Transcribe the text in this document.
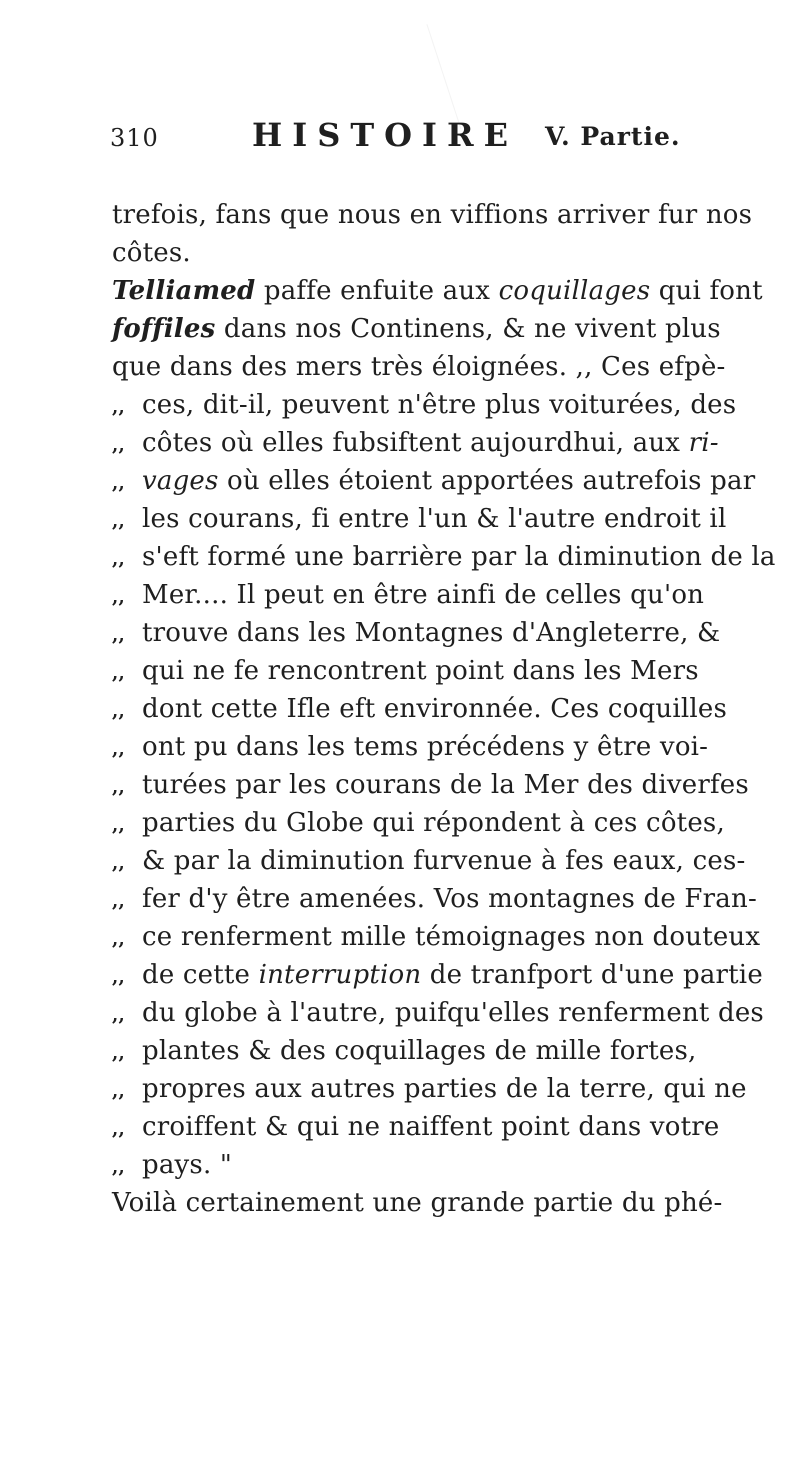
310	HISTOIRE V. Partie.
trefois, fans que nous en viffions arriver fur nos
côtes.
Telliamed paffe enfuite aux coquillages qui font
foffiles dans nos Continens, & ne vivent plus
que dans des mers très éloignées. ,, Ces efpè-
,, ces, dit-il, peuvent n'être plus voiturées, des
,, côtes où elles fubsiftent aujourdhui, aux ri-
,, vages où elles étoient apportées autrefois par
,, les courans, fi entre l'un & l'autre endroit il
,, s'eft formé une barrière par la diminution de la
,, Mer.... Il peut en être ainfi de celles qu'on
,, trouve dans les Montagnes d'Angleterre, &
,, qui ne fe rencontrent point dans les Mers
,, dont cette Ifle eft environnée. Ces coquilles
,, ont pu dans les tems précédens y être voi-
,, turées par les courans de la Mer des diverfes
,, parties du Globe qui répondent à ces côtes,
,, & par la diminution furvenue à fes eaux, ces-
,, fer d'y être amenées. Vos montagnes de Fran-
,, ce renferment mille témoignages non douteux
,, de cette interruption de tranfport d'une partie
,, du globe à l'autre, puifqu'elles renferment des
,, plantes & des coquillages de mille fortes,
,, propres aux autres parties de la terre, qui ne
,, croiffent & qui ne naiffent point dans votre
,, pays. "
Voilà certainement une grande partie du phé-
